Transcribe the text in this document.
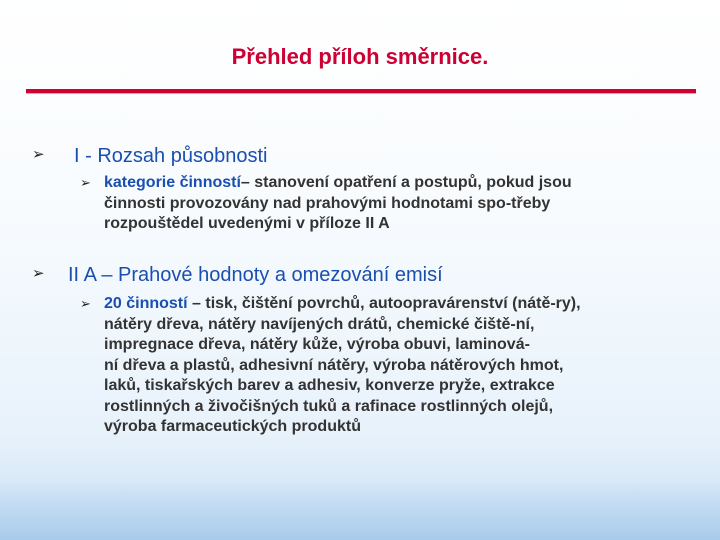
Přehled příloh směrnice.
➢	I - Rozsah působnosti
➢ kategorie činností– stanovení opatření a postupů, pokud jsou
činnosti provozovány nad prahovými hodnotami spo-třeby
rozpouštědel uvedenými v příloze II A
➢	II A – Prahové hodnoty a omezování emisí
➢ 20 činností – tisk, čištění povrchů, autoopravárenství (nátě-ry),
nátěry dřeva, nátěry navíjených drátů, chemické čiště-ní,
impregnace dřeva, nátěry kůže, výroba obuvi, laminová-
ní dřeva a plastů, adhesivní nátěry, výroba nátěrových hmot,
laků, tiskařských barev a adhesiv, konverze pryže, extrakce
rostlinných a živočišných tuků a rafinace rostlinných olejů,
výroba farmaceutických produktů
